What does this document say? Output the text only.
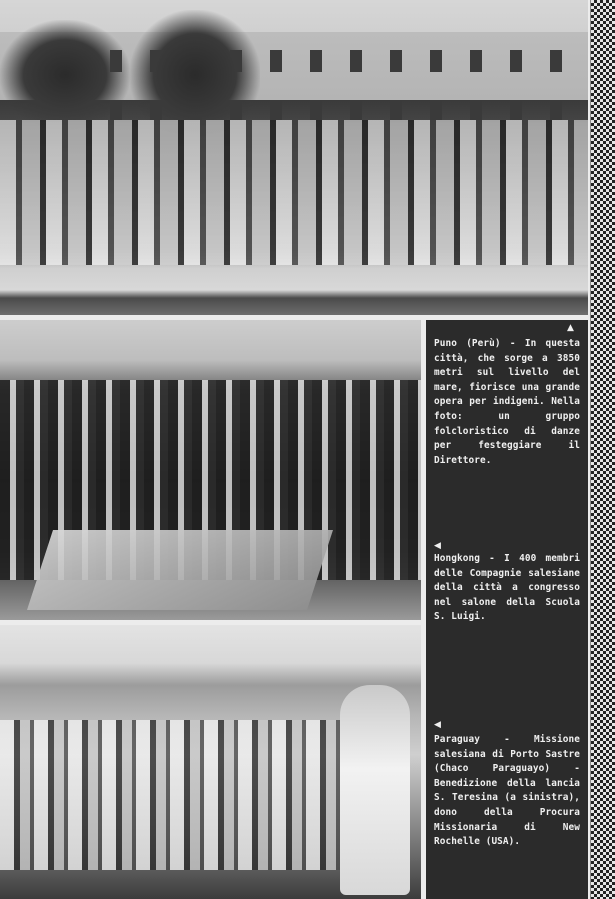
▲
Puno (Perù) - In questa città, che sorge a 3850 metri sul livello del mare, fiorisce una grande opera per indigeni. Nella foto: un gruppo folcloristico di danze per festeggiare il Direttore.
◀
Hongkong - I 400 membri delle Compagnie salesiane della città a congresso nel salone della Scuola S. Luigi.
◀
Paraguay - Missione salesiana di Porto Sastre (Chaco Paraguayo) - Benedizione della lancia S. Teresina (a sinistra), dono della Procura Missionaria di New Rochelle (USA).
